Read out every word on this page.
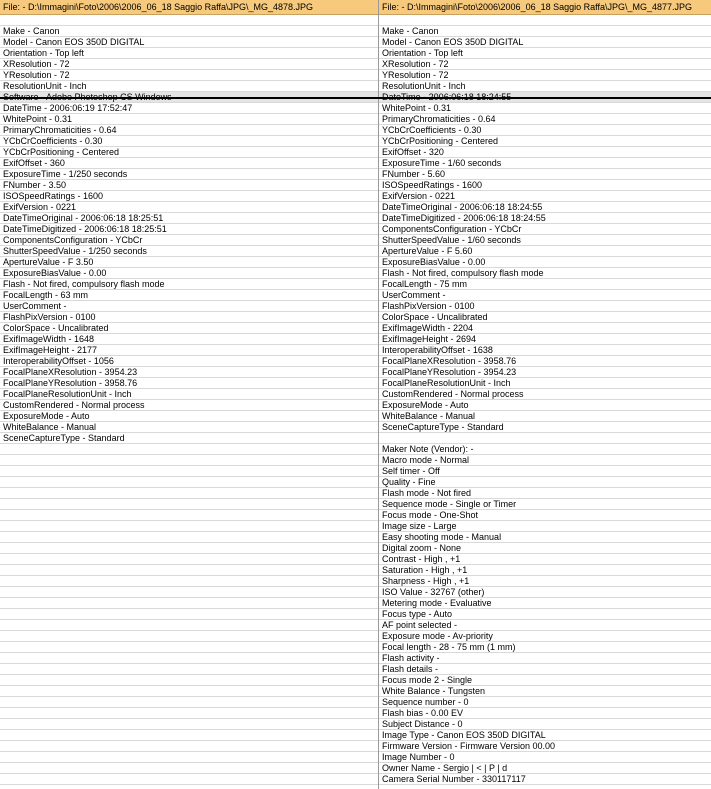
File: - D:\Immagini\Foto\2006\2006_06_18 Saggio Raffa\JPG\_MG_4878.JPG
Make - Canon
Model - Canon EOS 350D DIGITAL
Orientation - Top left
XResolution - 72
YResolution - 72
ResolutionUnit - Inch
DateTime - 2006:06:19 17:52:47
WhitePoint - 0.31
PrimaryChromaticities - 0.64
YCbCrCoefficients - 0.30
YCbCrPositioning - Centered
ExifOffset - 360
ExposureTime - 1/250 seconds
FNumber - 3.50
ISOSpeedRatings - 1600
ExifVersion - 0221
DateTimeOriginal - 2006:06:18 18:25:51
DateTimeDigitized - 2006:06:18 18:25:51
ComponentsConfiguration - YCbCr
ShutterSpeedValue - 1/250 seconds
ApertureValue - F 3.50
ExposureBiasValue - 0.00
Flash - Not fired, compulsory flash mode
FocalLength - 63 mm
UserComment -
FlashPixVersion - 0100
ColorSpace - Uncalibrated
ExifImageWidth - 1648
ExifImageHeight - 2177
InteroperabilityOffset - 1056
FocalPlaneXResolution - 3954.23
FocalPlaneYResolution - 3958.76
FocalPlaneResolutionUnit - Inch
CustomRendered - Normal process
ExposureMode - Auto
WhiteBalance - Manual
SceneCaptureType - Standard
File: - D:\Immagini\Foto\2006\2006_06_18 Saggio Raffa\JPG\_MG_4877.JPG
Make - Canon
Model - Canon EOS 350D DIGITAL
Orientation - Top left
XResolution - 72
YResolution - 72
ResolutionUnit - Inch
WhitePoint - 0.31
PrimaryChromaticities - 0.64
YCbCrCoefficients - 0.30
YCbCrPositioning - Centered
ExifOffset - 320
ExposureTime - 1/60 seconds
FNumber - 5.60
ISOSpeedRatings - 1600
ExifVersion - 0221
DateTimeOriginal - 2006:06:18 18:24:55
DateTimeDigitized - 2006:06:18 18:24:55
ComponentsConfiguration - YCbCr
ShutterSpeedValue - 1/60 seconds
ApertureValue - F 5.60
ExposureBiasValue - 0.00
Flash - Not fired, compulsory flash mode
FocalLength - 75 mm
UserComment -
FlashPixVersion - 0100
ColorSpace - Uncalibrated
ExifImageWidth - 2204
ExifImageHeight - 2694
InteroperabilityOffset - 1638
FocalPlaneXResolution - 3958.76
FocalPlaneYResolution - 3954.23
FocalPlaneResolutionUnit - Inch
CustomRendered - Normal process
ExposureMode - Auto
WhiteBalance - Manual
SceneCaptureType - Standard
Maker Note (Vendor): -
Macro mode - Normal
Self timer - Off
Quality - Fine
Flash mode - Not fired
Sequence mode - Single or Timer
Focus mode - One-Shot
Image size - Large
Easy shooting mode - Manual
Digital zoom - None
Contrast - High , +1
Saturation - High , +1
Sharpness - High , +1
ISO Value - 32767 (other)
Metering mode - Evaluative
Focus type - Auto
AF point selected -
Exposure mode - Av-priority
Focal length - 28 - 75 mm (1 mm)
Flash activity -
Flash details -
Focus mode 2 - Single
White Balance - Tungsten
Sequence number - 0
Flash bias - 0.00 EV
Subject Distance - 0
Image Type - Canon EOS 350D DIGITAL
Firmware Version - Firmware Version 00.00
Image Number - 0
Owner Name - Sergio | < | P | d
Camera Serial Number - 330117117
